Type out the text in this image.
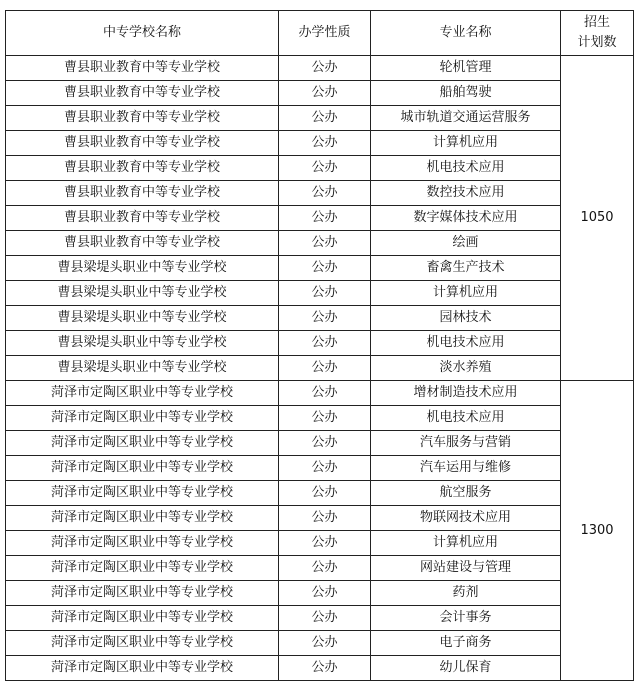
中专学校名称	办学性质	专业名称	招生
计划数
曹县职业教育中等专业学校	公办	轮机管理	1050
曹县职业教育中等专业学校	公办	船舶驾驶	
曹县职业教育中等专业学校	公办	城市轨道交通运营服务	
曹县职业教育中等专业学校	公办	计算机应用	
曹县职业教育中等专业学校	公办	机电技术应用	
曹县职业教育中等专业学校	公办	数控技术应用	
曹县职业教育中等专业学校	公办	数字媒体技术应用	
曹县职业教育中等专业学校	公办	绘画	
曹县梁堤头职业中等专业学校	公办	畜禽生产技术	
曹县梁堤头职业中等专业学校	公办	计算机应用	
曹县梁堤头职业中等专业学校	公办	园林技术	
曹县梁堤头职业中等专业学校	公办	机电技术应用	
曹县梁堤头职业中等专业学校	公办	淡水养殖	
菏泽市定陶区职业中等专业学校	公办	增材制造技术应用	1300
菏泽市定陶区职业中等专业学校	公办	机电技术应用	
菏泽市定陶区职业中等专业学校	公办	汽车服务与营销	
菏泽市定陶区职业中等专业学校	公办	汽车运用与维修	
菏泽市定陶区职业中等专业学校	公办	航空服务	
菏泽市定陶区职业中等专业学校	公办	物联网技术应用	
菏泽市定陶区职业中等专业学校	公办	计算机应用	
菏泽市定陶区职业中等专业学校	公办	网站建设与管理	
菏泽市定陶区职业中等专业学校	公办	药剂	
菏泽市定陶区职业中等专业学校	公办	会计事务	
菏泽市定陶区职业中等专业学校	公办	电子商务	
菏泽市定陶区职业中等专业学校	公办	幼儿保育	
